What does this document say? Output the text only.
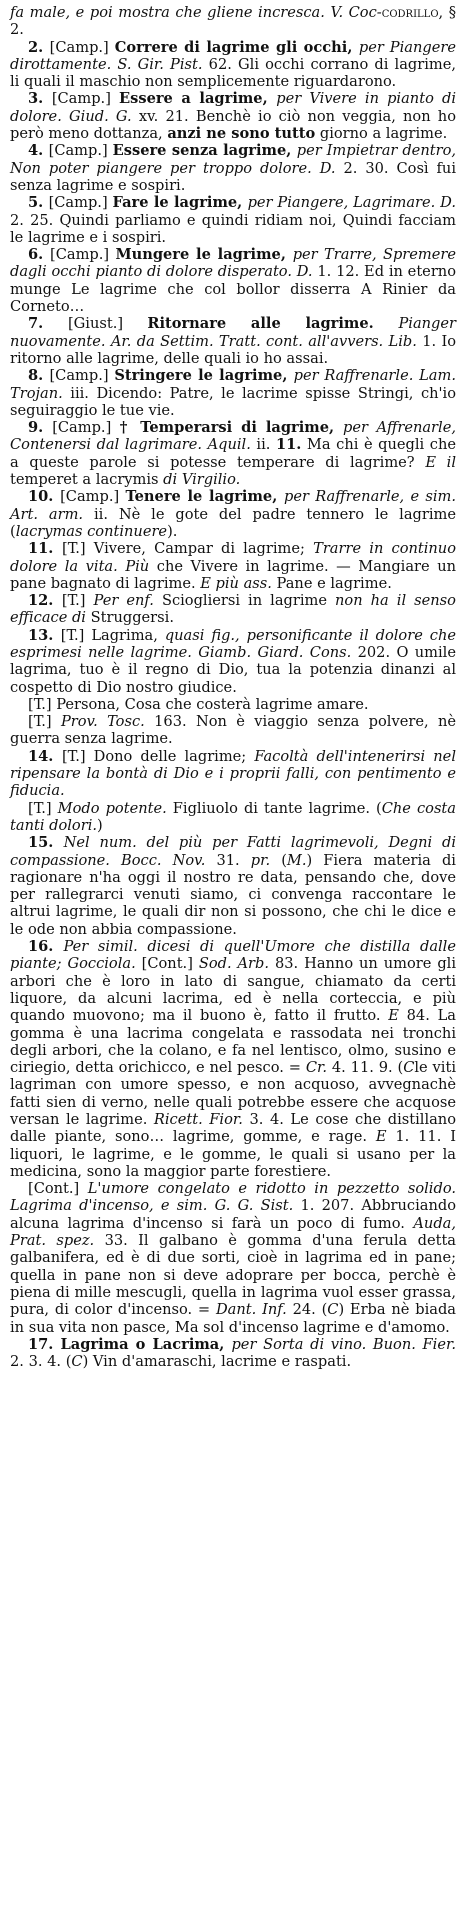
fa male, e poi mostra che gliene incresca. V. Coc-codrillo, § 2.

2. [Camp.] Correre di lagrime gli occhi, per Piangere dirottamente. S. Gir. Pist. 62. Gli occhi corrano di lagrime, li quali il maschio non semplicemente riguardarono.

3. [Camp.] Essere a lagrime, per Vivere in pianto di dolore. Giud. G. xv. 21. Benchè io ciò non veggia, non ho però meno dottanza, anzi ne sono tutto giorno a lagrime.

4. [Camp.] Essere senza lagrime, per Impietrar dentro, Non poter piangere per troppo dolore. D. 2. 30. Così fui senza lagrime e sospiri.

5. [Camp.] Fare le lagrime, per Piangere, Lagrimare. D. 2. 25. Quindi parliamo e quindi ridiam noi, Quindi facciam le lagrime e i sospiri.

6. [Camp.] Mungere le lagrime, per Trarre, Spremere dagli occhi pianto di dolore disperato. D. 1. 12. Ed in eterno munge Le lagrime che col bollor disserra A Rinier da Corneto…

7. [Giust.] Ritornare alle lagrime. Pianger nuovamente. Ar. da Settim. Tratt. cont. all'avvers. Lib. 1. Io ritorno alle lagrime, delle quali io ho assai.

8. [Camp.] Stringere le lagrime, per Raffrenarle. Lam. Trojan. iii. Dicendo: Patre, le lacrime spisse Stringi, ch'io seguiraggio le tue vie.

9. [Camp.] † Temperarsi di lagrime, per Affrenarle, Contenersi dal lagrimare. Aquil. ii. 11. Ma chi è quegli che a queste parole si potesse temperare di lagrime? E il temperet a lacrymis di Virgilio.

10. [Camp.] Tenere le lagrime, per Raffrenarle, e sim. Art. arm. ii. Nè le gote del padre tennero le lagrime (lacrymas continuere).

11. [T.] Vivere, Campar di lagrime; Trarre in continuo dolore la vita. Più che Vivere in lagrime. — Mangiare un pane bagnato di lagrime. E più ass. Pane e lagrime.

12. [T.] Per enf. Sciogliersi in lagrime non ha il senso efficace di Struggersi.

13. [T.] Lagrima, quasi fig., personificante il dolore che esprimesi nelle lagrime. Giamb. Giard. Cons. 202. O umile lagrima, tuo è il regno di Dio, tua la potenzia dinanzi al cospetto di Dio nostro giudice.

[T.] Persona, Cosa che costerà lagrime amare.

[T.] Prov. Tosc. 163. Non è viaggio senza polvere, nè guerra senza lagrime.

14. [T.] Dono delle lagrime; Facoltà dell'intenerirsi nel ripensare la bontà di Dio e i proprii falli, con pentimento e fiducia.

[T.] Modo potente. Figliuolo di tante lagrime. (Che costa tanti dolori.)

15. Nel num. del più per Fatti lagrimevoli, Degni di compassione. Bocc. Nov. 31. pr. (M.) Fiera materia di ragionare n'ha oggi il nostro re data, pensando che, dove per rallegrarci venuti siamo, ci convenga raccontare le altrui lagrime, le quali dir non si possono, che chi le dice e le ode non abbia compassione.

16. Per simil. dicesi di quell'Umore che distilla dalle piante; Gocciola. [Cont.] Sod. Arb. 83. Hanno un umore gli arbori che è loro in lato di sangue, chiamato da certi liquore, da alcuni lacrima, ed è nella corteccia, e più quando muovono; ma il buono è, fatto il frutto. E 84. La gomma è una lacrima congelata e rassodata nei tronchi degli arbori, che la colano, e fa nel lentisco, olmo, susino e ciriegio, detta orichicco, e nel pesco. = Cr. 4. 11. 9. (Cle viti lagriman con umore spesso, e non acquoso, avvegnachè fatti sien di verno, nelle quali potrebbe essere che acquose versan le lagrime. Ricett. Fior. 3. 4. Le cose che distillano dalle piante, sono… lagrime, gomme, e rage. E 1. 11. I liquori, le lagrime, e le gomme, le quali si usano per la medicina, sono la maggior parte forestiere.

[Cont.] L'umore congelato e ridotto in pezzetto solido. Lagrima d'incenso, e sim. G. G. Sist. 1. 207. Abbruciando alcuna lagrima d'incenso si farà un poco di fumo. Auda, Prat. spez. 33. Il galbano è gomma d'una ferula detta galbanifera, ed è di due sorti, cioè in lagrima ed in pane; quella in pane non si deve adoprare per bocca, perchè è piena di mille mescugli, quella in lagrima vuol esser grassa, pura, di color d'incenso. = Dant. Inf. 24. (C) Erba nè biada in sua vita non pasce, Ma sol d'incenso lagrime e d'amomo.

17. Lagrima o Lacrima, per Sorta di vino. Buon. Fier. 2. 3. 4. (C) Vin d'amaraschi, lacrime e raspati.
